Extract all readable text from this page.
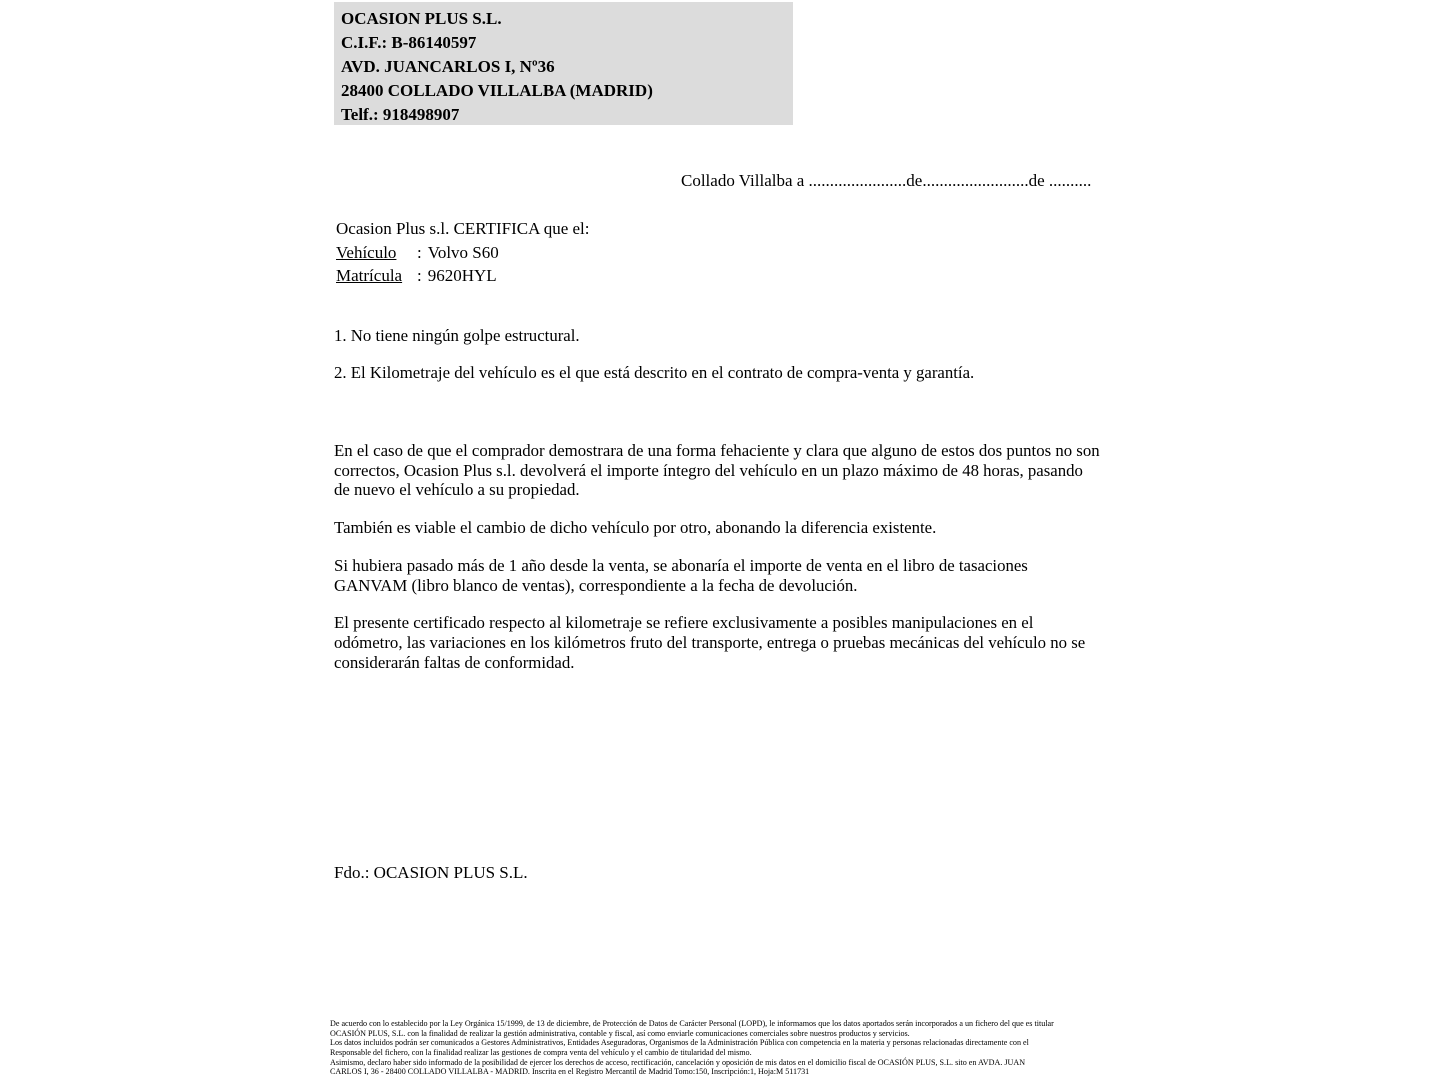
OCASION PLUS S.L.
C.I.F.: B-86140597
AVD. JUANCARLOS I, Nº36
28400 COLLADO VILLALBA (MADRID)
Telf.: 918498907
Collado Villalba a .......................de.........................de ..........
Ocasion Plus s.l. CERTIFICA que el:
Vehículo	: Volvo S60
Matrícula : 9620HYL
1. No tiene ningún golpe estructural.
2. El Kilometraje del vehículo es el que está descrito en el contrato de compra-venta y garantía.

En el caso de que el comprador demostrara de una forma fehaciente y clara que alguno de estos dos puntos no son correctos, Ocasion Plus s.l. devolverá el importe íntegro del vehículo en un plazo máximo de 48 horas, pasando de nuevo el vehículo a su propiedad.

También es viable el cambio de dicho vehículo por otro, abonando la diferencia existente.

Si hubiera pasado más de 1 año desde la venta, se abonaría el importe de venta en el libro de tasaciones GANVAM (libro blanco de ventas), correspondiente a la fecha de devolución.

El presente certificado respecto al kilometraje se refiere exclusivamente a posibles manipulaciones en el odómetro, las variaciones en los kilómetros fruto del transporte, entrega o pruebas mecánicas del vehículo no se considerarán faltas de conformidad.

Fdo.: OCASION PLUS S.L.
De acuerdo con lo establecido por la Ley Orgánica 15/1999, de 13 de diciembre, de Protección de Datos de Carácter Personal (LOPD), le informamos que los datos aportados serán incorporados a un fichero del que es titular
OCASIÓN PLUS, S.L. con la finalidad de realizar la gestión administrativa, contable y fiscal, así como enviarle comunicaciones comerciales sobre nuestros productos y servicios.
Los datos incluidos podrán ser comunicados a Gestores Administrativos, Entidades Aseguradoras, Organismos de la Administración Pública con competencia en la materia y personas relacionadas directamente con el
Responsable del fichero, con la finalidad realizar las gestiones de compra venta del vehículo y el cambio de titularidad del mismo.
Asimismo, declaro haber sido informado de la posibilidad de ejercer los derechos de acceso, rectificación, cancelación y oposición de mis datos en el domicilio fiscal de OCASIÓN PLUS, S.L. sito en AVDA. JUAN
CARLOS I, 36 - 28400 COLLADO VILLALBA - MADRID. Inscrita en el Registro Mercantil de Madrid Tomo:150, Inscripción:1, Hoja:M 511731
